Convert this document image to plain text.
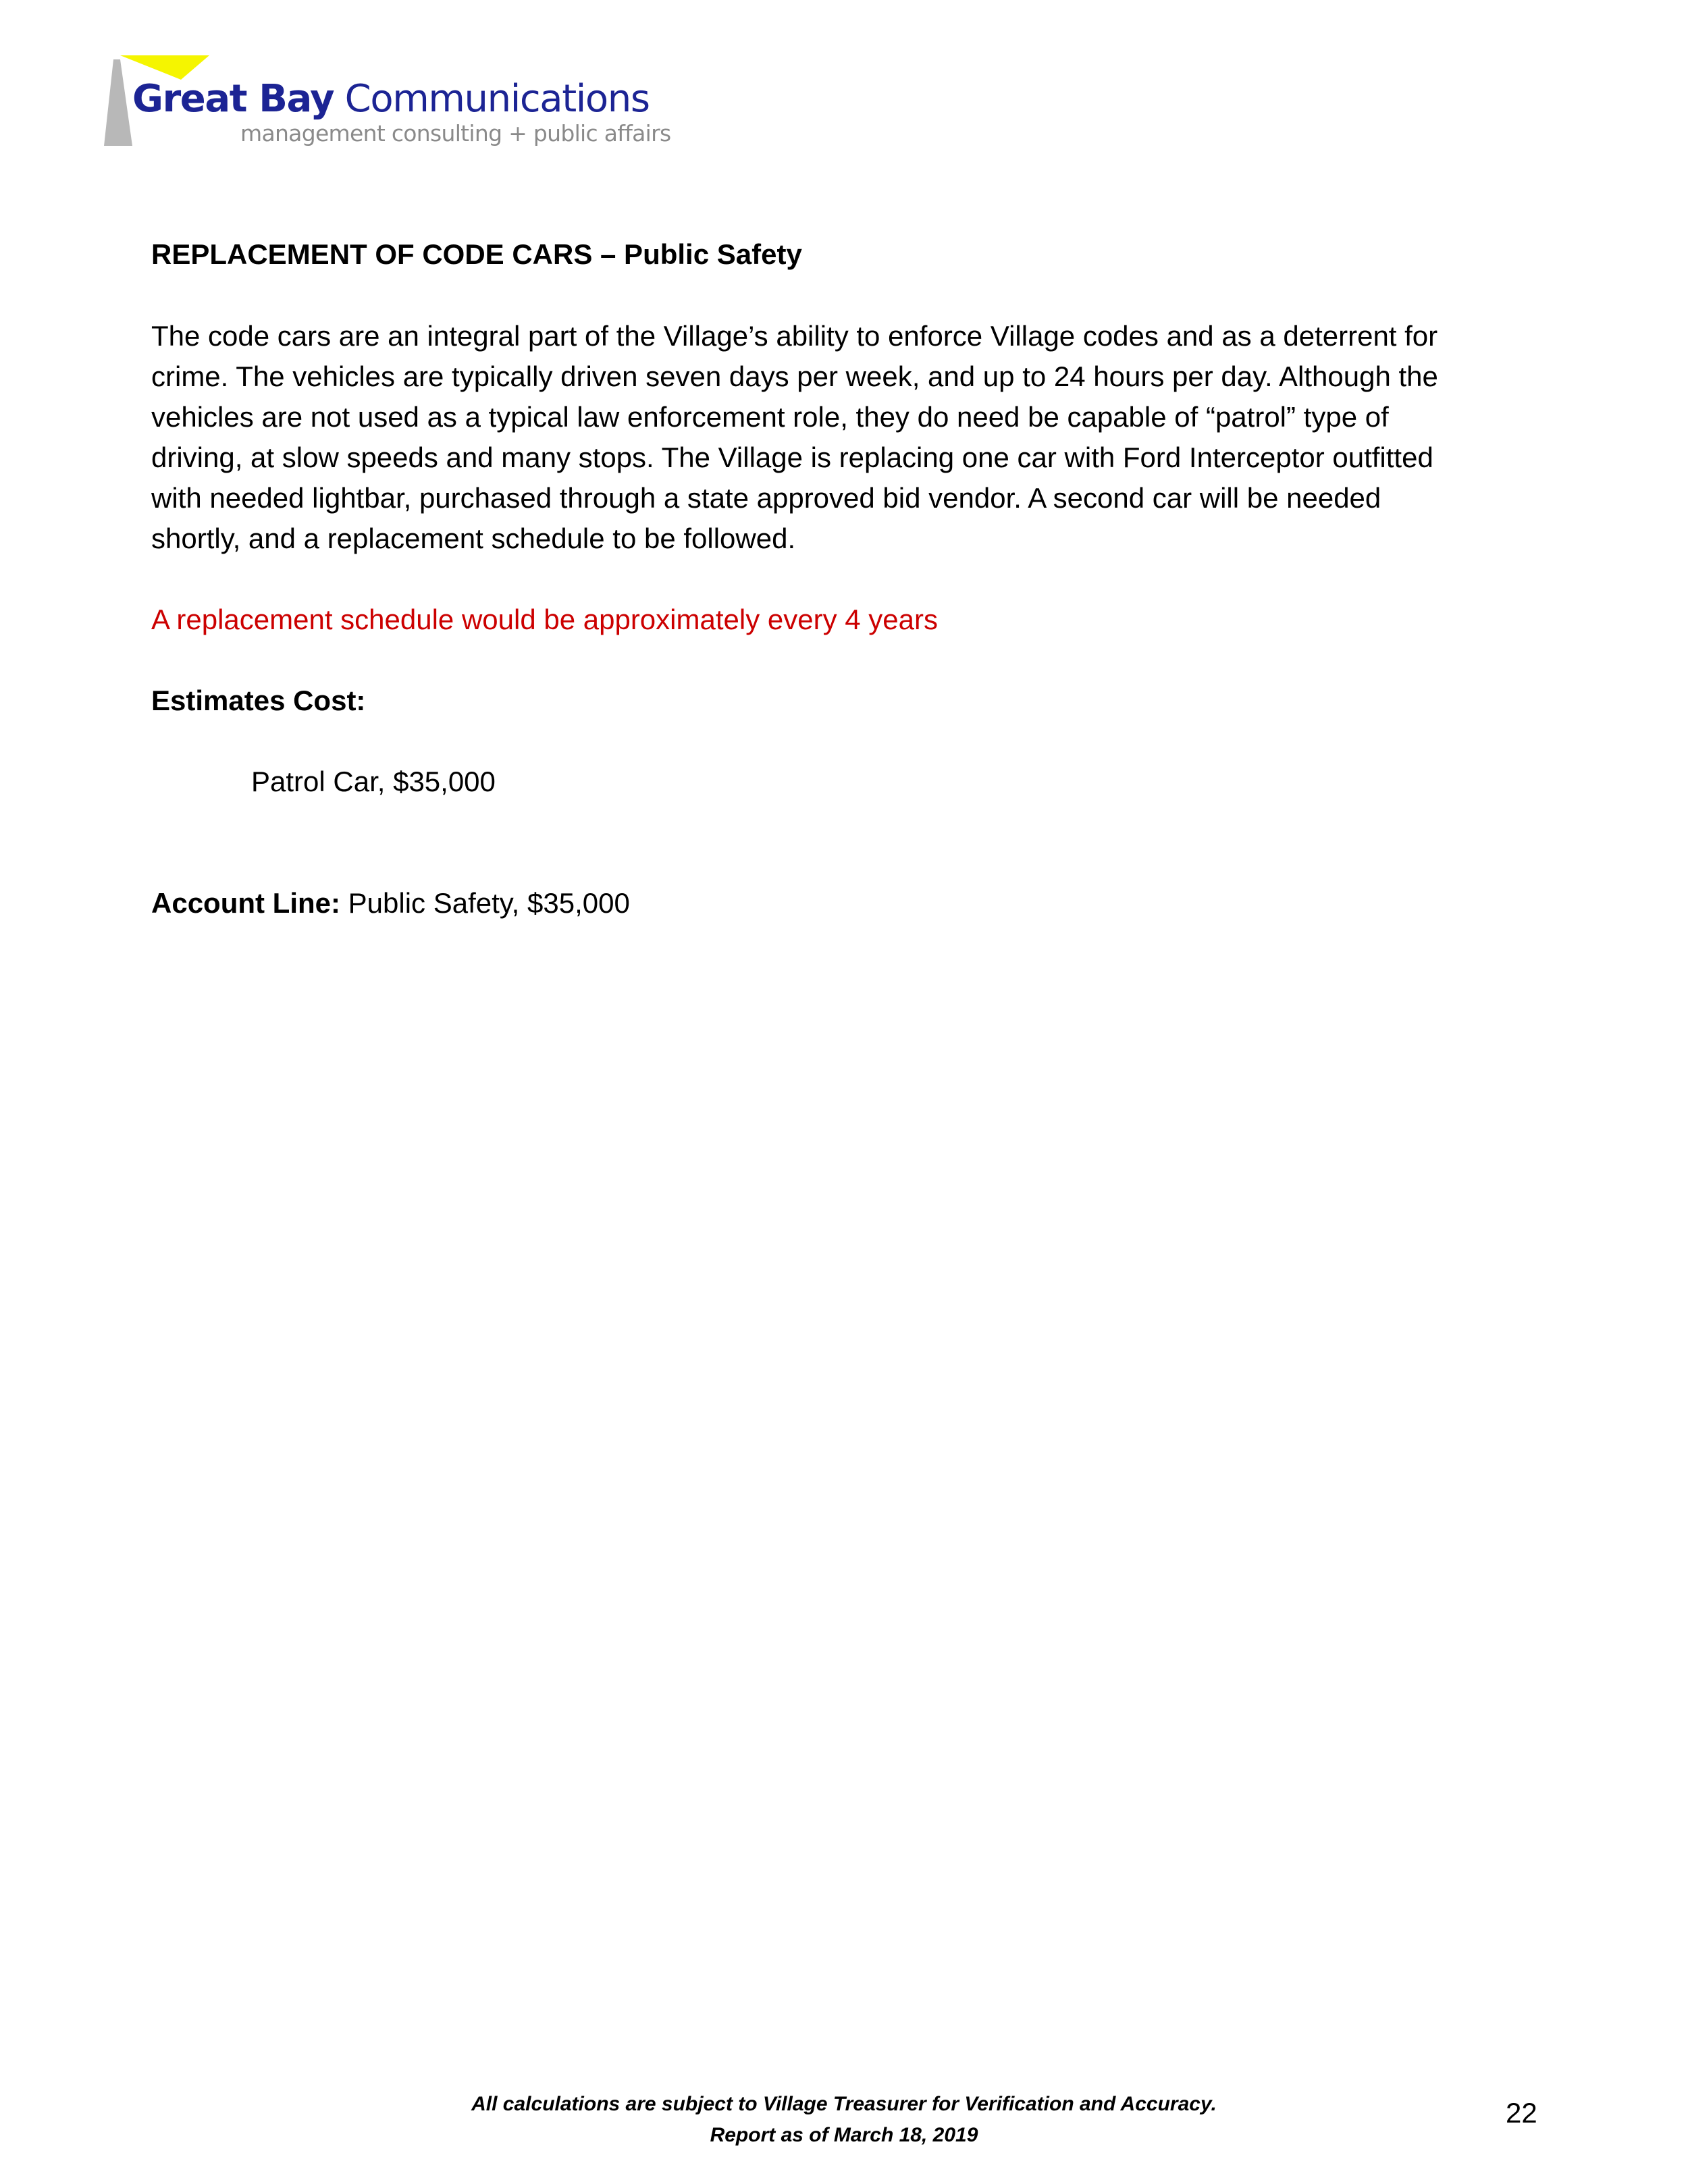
Great Bay Communications
management consulting + public affairs
REPLACEMENT OF CODE CARS – Public Safety
The code cars are an integral part of the Village’s ability to enforce Village codes and as a deterrent for
crime. The vehicles are typically driven seven days per week, and up to 24 hours per day. Although the
vehicles are not used as a typical law enforcement role, they do need be capable of “patrol” type of
driving, at slow speeds and many stops. The Village is replacing one car with Ford Interceptor outfitted
with needed lightbar, purchased through a state approved bid vendor. A second car will be needed
shortly, and a replacement schedule to be followed.
A replacement schedule would be approximately every 4 years
Estimates Cost:
Patrol Car, $35,000
Account Line: Public Safety, $35,000
All calculations are subject to Village Treasurer for Verification and Accuracy.
Report as of March 18, 2019
22
